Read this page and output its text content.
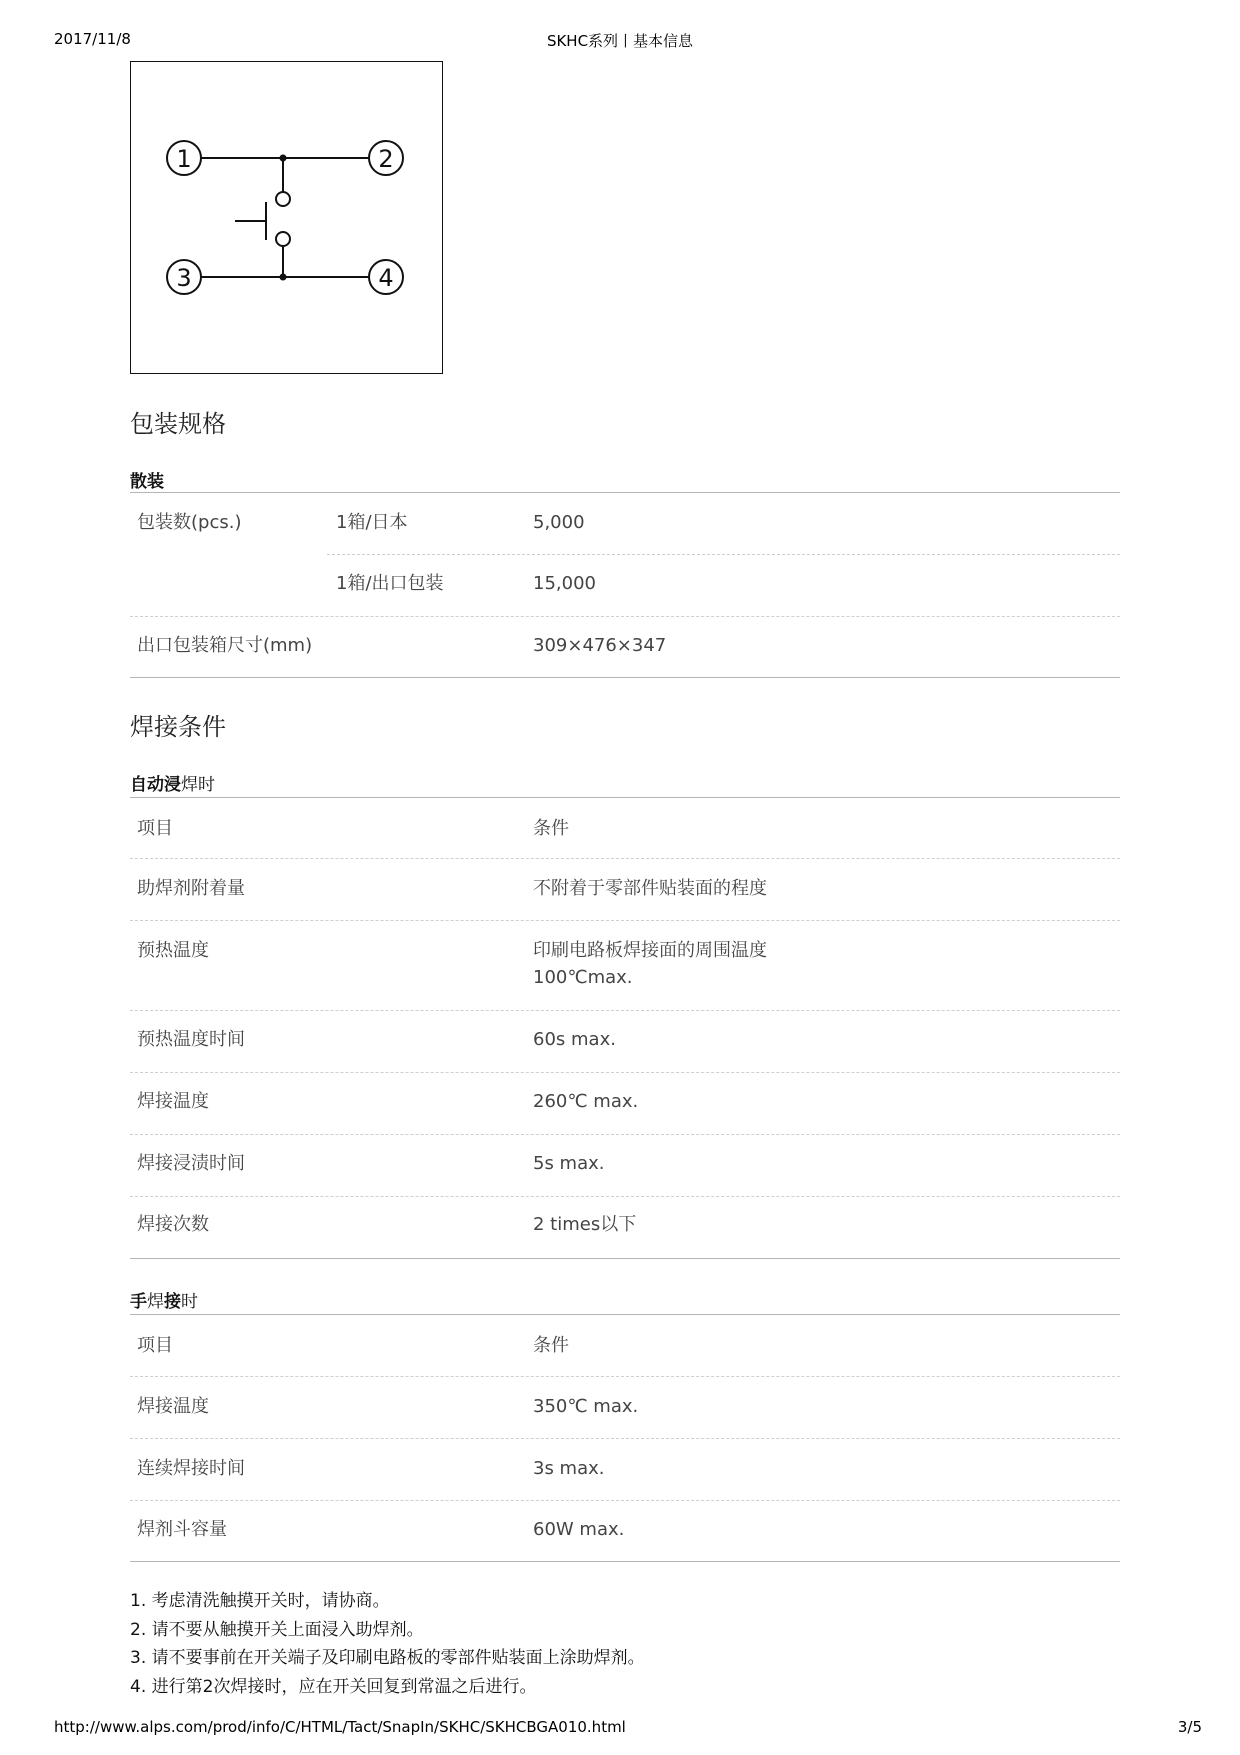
2017/11/8	SKHC系列丨基本信息
1	2
3	4
包装规格
散装
包装数(pcs.)	1箱/日本	5,000
1箱/出口包装	15,000
出口包装箱尺寸(mm)	309×476×347
焊接条件
自动浸焊时
项目	条件
助焊剂附着量	不附着于零部件贴装面的程度
预热温度	印刷电路板焊接面的周围温度
100℃max.
预热温度时间	60s max.
焊接温度	260℃ max.
焊接浸渍时间	5s max.
焊接次数	2 times以下
手焊接时
项目	条件
焊接温度	350℃ max.
连续焊接时间	3s max.
焊剂斗容量	60W max.
1. 考虑清洗触摸开关时，请协商。
2. 请不要从触摸开关上面浸入助焊剂。
3. 请不要事前在开关端子及印刷电路板的零部件贴装面上涂助焊剂。
4. 进行第2次焊接时，应在开关回复到常温之后进行。
http://www.alps.com/prod/info/C/HTML/Tact/SnapIn/SKHC/SKHCBGA010.html	3/5
